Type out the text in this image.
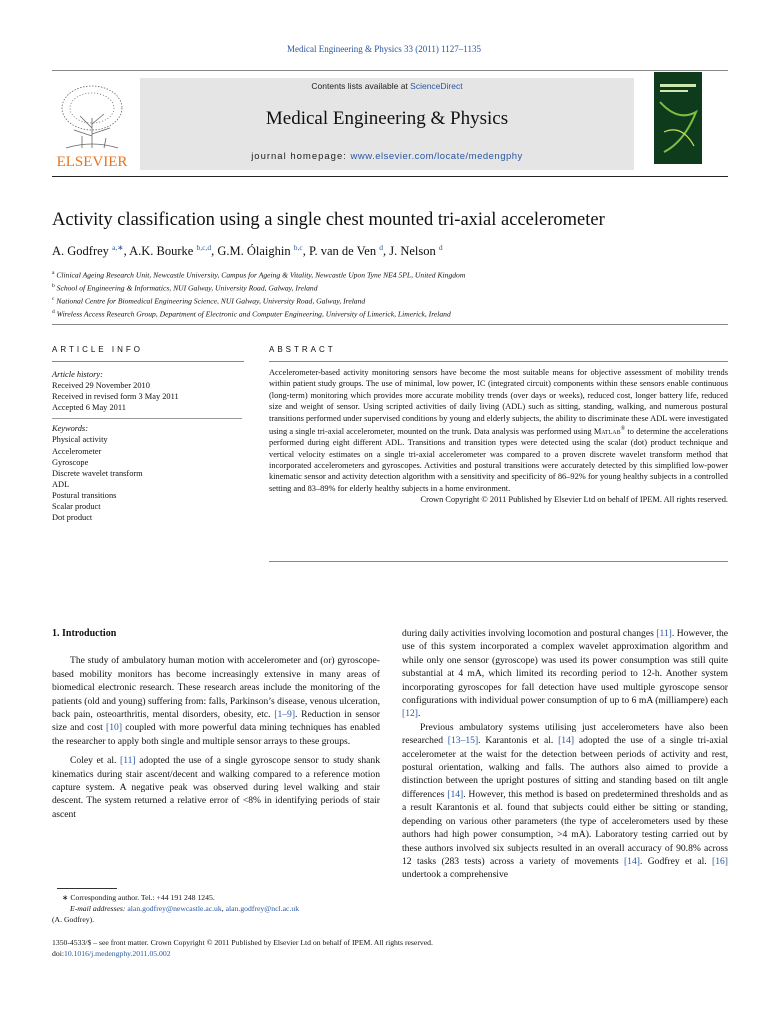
Medical Engineering & Physics 33 (2011) 1127–1135
ELSEVIER
Contents lists available at ScienceDirect
Medical Engineering & Physics
journal homepage: www.elsevier.com/locate/medengphy
Activity classification using a single chest mounted tri-axial accelerometer
A. Godfrey $^{a,∗}$, A.K. Bourke $^{b,c,d}$, G.M. Ólaighin $^{b,c}$, P. van de Ven $^d$, J. Nelson $^d$
$^a$ Clinical Ageing Research Unit, Newcastle University, Campus for Ageing & Vitality, Newcastle Upon Tyne NE4 5PL, United Kingdom
$^b$ School of Engineering & Informatics, NUI Galway, University Road, Galway, Ireland
$^c$ National Centre for Biomedical Engineering Science, NUI Galway, University Road, Galway, Ireland
$^d$ Wireless Access Research Group, Department of Electronic and Computer Engineering, University of Limerick, Limerick, Ireland
ARTICLE INFO	ABSTRACT
Article history:
Received 29 November 2010
Received in revised form 3 May 2011
Accepted 6 May 2011
Keywords:
Physical activity
Accelerometer
Gyroscope
Discrete wavelet transform
ADL
Postural transitions
Scalar product
Dot product
Accelerometer-based activity monitoring sensors have become the most suitable means for objective assessment of mobility trends within patient study groups. The use of minimal, low power, IC (integrated circuit) components within these sensors enable continuous (long-term) monitoring which provides more accurate mobility trends (over days or weeks), reduced cost, longer battery life, reduced size and weight of sensor. Using scripted activities of daily living (ADL) such as sitting, standing, walking, and numerous postural transitions performed under supervised conditions by young and elderly subjects, the ability to discriminate these ADL were investigated using a single tri-axial accelerometer, mounted on the trunk. Data analysis was performed using Matlab® to determine the accelerations performed during eight different ADL. Transitions and transition types were detected using the scalar (dot) product technique and vertical velocity estimates on a single tri-axial accelerometer was compared to a proven discrete wavelet transform method that incorporated accelerometers and gyroscopes. Activities and postural transitions were accurately detected by this simplified low-power kinematic sensor and activity detection algorithm with a sensitivity and specificity of 86–92% for young healthy subjects in a controlled setting and 83–89% for elderly healthy subjects in a home environment.
Crown Copyright © 2011 Published by Elsevier Ltd on behalf of IPEM. All rights reserved.

1. Introduction

The study of ambulatory human motion with accelerometer and (or) gyroscope-based mobility monitors has become increasingly extensive in many areas of biomedical electronic research. These research areas include the monitoring of the patients (old and young) suffering from: falls, Parkinson’s disease, venous ulceration, back pain, osteoarthritis, mental disorders, obesity, etc. [1–9]. Reduction in sensor size and cost [10] coupled with more powerful data mining techniques has enabled the researcher to apply both single and multiple sensor arrays to these groups.

Coley et al. [11] adopted the use of a single gyroscope sensor to study shank kinematics during stair ascent/decent and walking compared to a reference motion capture system. A negative peak was observed during level walking and stair descent. The system returned a relative error of <8% in identifying periods of stair ascent

during daily activities involving locomotion and postural changes [11]. However, the use of this system incorporated a complex wavelet approximation algorithm and while only one sensor (gyroscope) was used its power consumption was still quite substantial at 4 mA, which limited its recording period to 12-h. Another system incorporating gyroscopes for fall detection have used multiple gyroscope sensor configurations with individual power consumption of up to 6 mA (milliampere) each [12].

Previous ambulatory systems utilising just accelerometers have also been researched [13–15]. Karantonis et al. [14] adopted the use of a single tri-axial accelerometer at the waist for the detection between periods of activity and rest, postural orientation, walking and falls. The authors also aimed to provide a distinction between the upright postures of sitting and standing based on tilt angle differences [14]. However, this method is based on predetermined thresholds and as a result Karantonis et al. found that subjects could either be sitting or standing, depending on various other parameters (the type of accelerometers used by these authors had high power consumption, >4 mA). Laboratory testing carried out by these authors involved six subjects resulted in an overall accuracy of 90.8% across 12 tasks (283 tests) across a variety of movements [14]. Godfrey et al. [16] undertook a comprehensive

∗ Corresponding author. Tel.: +44 191 248 1245.
E-mail addresses: alan.godfrey@newcastle.ac.uk, alan.godfrey@ncl.ac.uk
(A. Godfrey).
1350-4533/$ – see front matter. Crown Copyright © 2011 Published by Elsevier Ltd on behalf of IPEM. All rights reserved.
doi:10.1016/j.medengphy.2011.05.002
